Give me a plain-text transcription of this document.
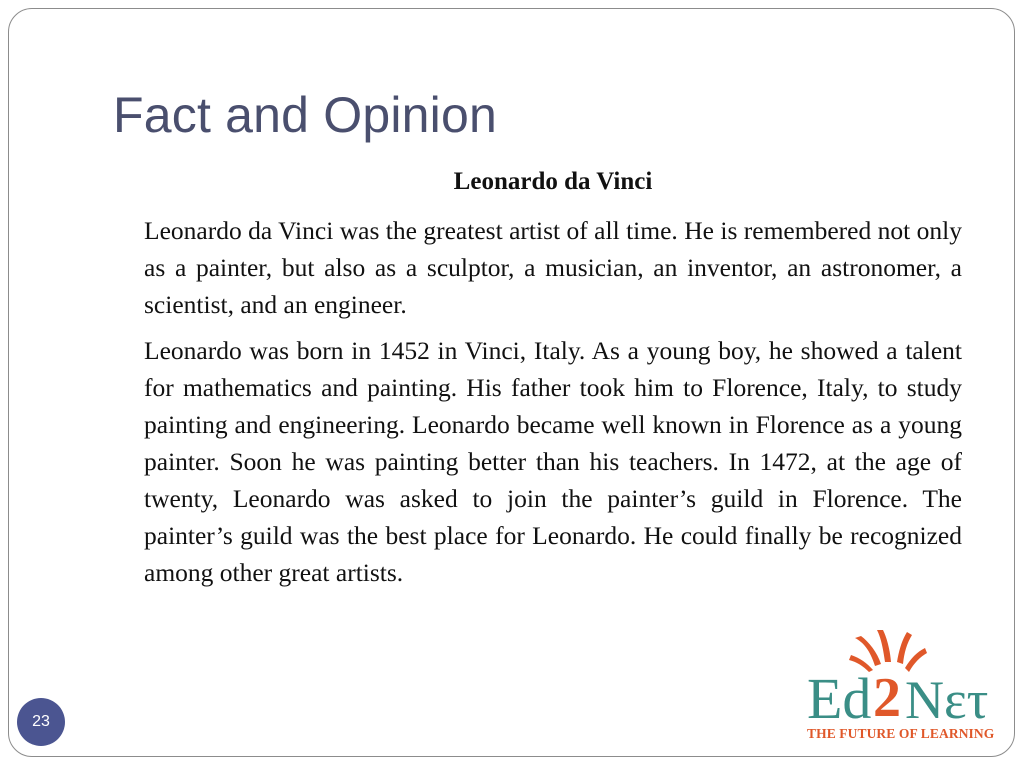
Fact and Opinion
Leonardo da Vinci

Leonardo da Vinci was the greatest artist of all time. He is remembered not only as a painter, but also as a sculptor, a musician, an inventor, an astronomer, a scientist, and an engineer.

Leonardo was born in 1452 in Vinci, Italy. As a young boy, he showed a talent for mathematics and painting. His father took him to Florence, Italy, to study painting and engineering. Leonardo became well known in Florence as a young painter. Soon he was painting better than his teachers. In 1472, at the age of twenty, Leonardo was asked to join the painter’s guild in Florence. The painter’s guild was the best place for Leonardo. He could finally be recognized among other great artists.

23	Ed 2 Nετ
THE FUTURE OF LEARNING
